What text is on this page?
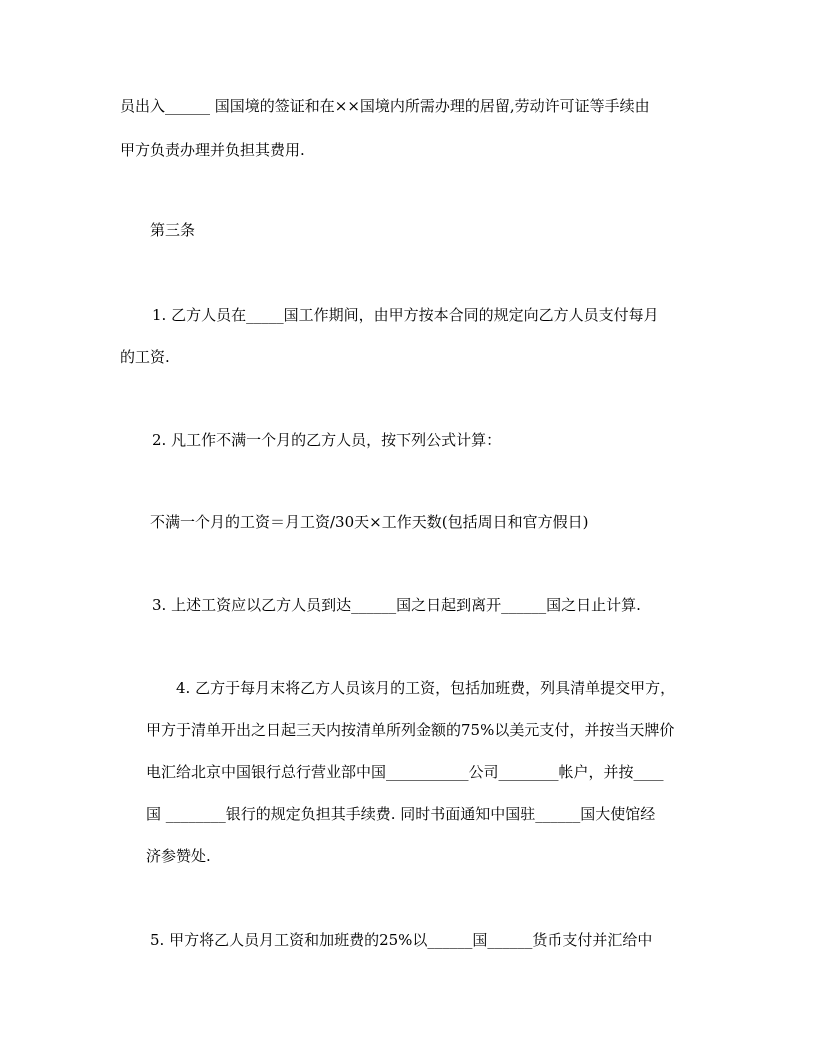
员出入______ 国国境的签证和在××国境内所需办理的居留,劳动许可证等手续由
甲方负责办理并负担其费用.
第三条
1. 乙方人员在_____国工作期间，由甲方按本合同的规定向乙方人员支付每月
的工资.
2. 凡工作不满一个月的乙方人员，按下列公式计算：
不满一个月的工资＝月工资/30天×工作天数(包括周日和官方假日)
3. 上述工资应以乙方人员到达______国之日起到离开______国之日止计算.
4. 乙方于每月末将乙方人员该月的工资，包括加班费，列具清单提交甲方，
甲方于清单开出之日起三天内按清单所列金额的75%以美元支付，并按当天牌价
电汇给北京中国银行总行营业部中国___________公司________帐户，并按____
国 ________银行的规定负担其手续费. 同时书面通知中国驻______国大使馆经
济参赞处.
5. 甲方将乙人员月工资和加班费的25%以______国______货币支付并汇给中
